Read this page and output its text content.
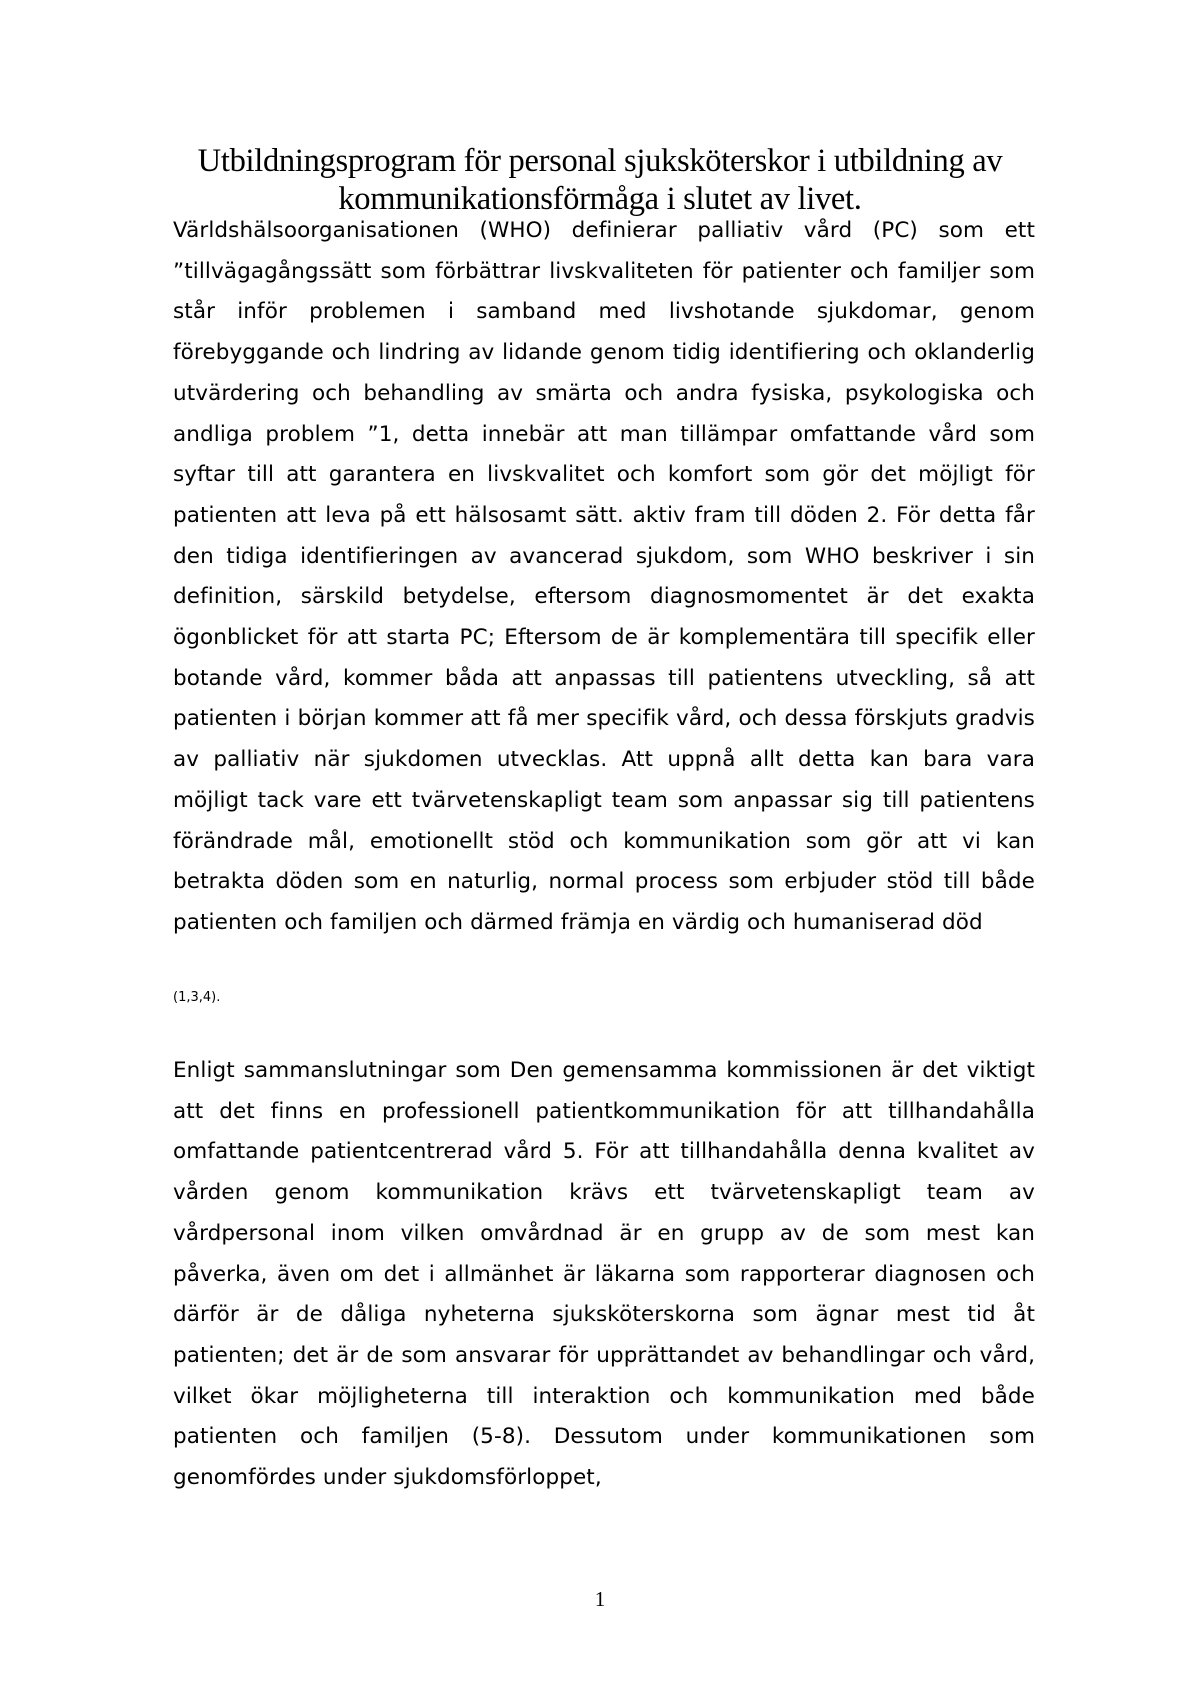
Utbildningsprogram för personal sjuksköterskor i utbildning av kommunikationsförmåga i slutet av livet.

Världshälsoorganisationen (WHO) definierar palliativ vård (PC) som ett ”tillvägagångssätt som förbättrar livskvaliteten för patienter och familjer som står inför problemen i samband med livshotande sjukdomar, genom förebyggande och lindring av lidande genom tidig identifiering och oklanderlig utvärdering och behandling av smärta och andra fysiska, psykologiska och andliga problem ”1, detta innebär att man tillämpar omfattande vård som syftar till att garantera en livskvalitet och komfort som gör det möjligt för patienten att leva på ett hälsosamt sätt. aktiv fram till döden 2. För detta får den tidiga identifieringen av avancerad sjukdom, som WHO beskriver i sin definition, särskild betydelse, eftersom diagnosmomentet är det exakta ögonblicket för att starta PC; Eftersom de är komplementära till specifik eller botande vård, kommer båda att anpassas till patientens utveckling, så att patienten i början kommer att få mer specifik vård, och dessa förskjuts gradvis av palliativ när sjukdomen utvecklas. Att uppnå allt detta kan bara vara möjligt tack vare ett tvärvetenskapligt team som anpassar sig till patientens förändrade mål, emotionellt stöd och kommunikation som gör att vi kan betrakta döden som en naturlig, normal process som erbjuder stöd till både patienten och familjen och därmed främja en värdig och humaniserad död

(1,3,4).

Enligt sammanslutningar som Den gemensamma kommissionen är det viktigt att det finns en professionell patientkommunikation för att tillhandahålla omfattande patientcentrerad vård 5. För att tillhandahålla denna kvalitet av vården genom kommunikation krävs ett tvärvetenskapligt team av vårdpersonal inom vilken omvårdnad är en grupp av de som mest kan påverka, även om det i allmänhet är läkarna som rapporterar diagnosen och därför är de dåliga nyheterna sjuksköterskorna som ägnar mest tid åt patienten; det är de som ansvarar för upprättandet av behandlingar och vård, vilket ökar möjligheterna till interaktion och kommunikation med både patienten och familjen (5-8). Dessutom under kommunikationen som genomfördes under sjukdomsförloppet,

1
